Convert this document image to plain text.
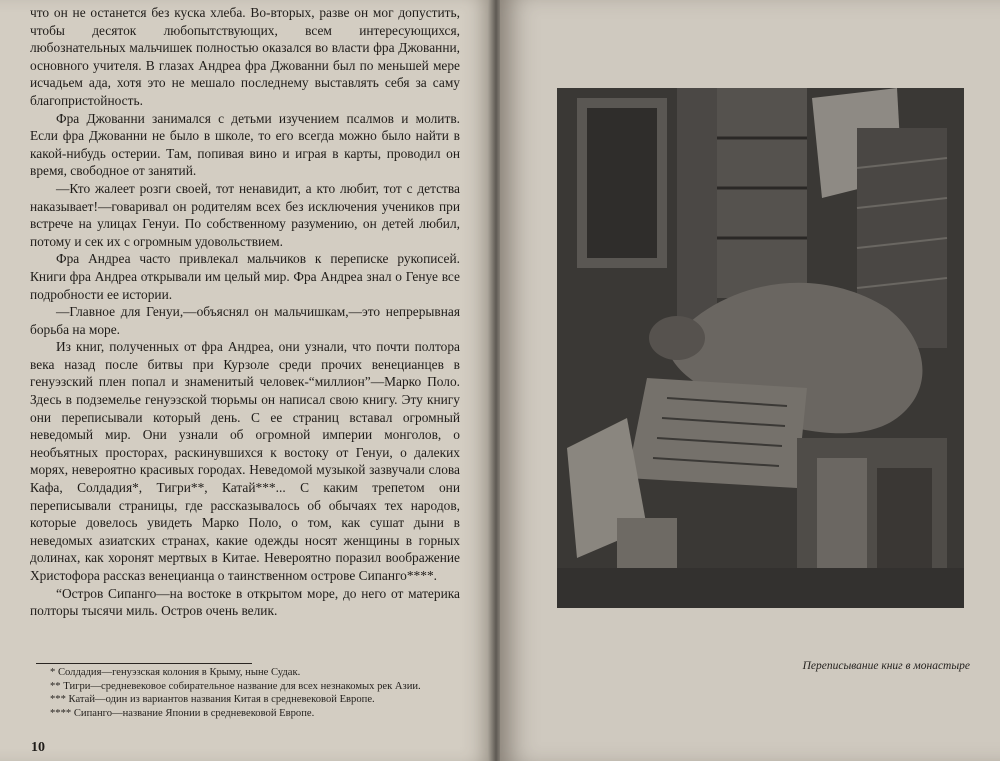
что он не останется без куска хлеба. Во-вторых, разве он мог допустить, чтобы десяток любопытствующих, всем интересующихся, любознательных мальчишек полностью оказался во власти фра Джованни, основного учителя. В глазах Андреа фра Джованни был по меньшей мере исчадьем ада, хотя это не мешало последнему выставлять себя за саму благопристойность.

Фра Джованни занимался с детьми изучением псалмов и молитв. Если фра Джованни не было в школе, то его всегда можно было найти в какой-нибудь остерии. Там, попивая вино и играя в карты, проводил он время, свободное от занятий.

—Кто жалеет розги своей, тот ненавидит, а кто любит, тот с детства наказывает!—говаривал он родителям всех без исключения учеников при встрече на улицах Генуи. По собственному разумению, он детей любил, потому и сек их с огромным удовольствием.

Фра Андреа часто привлекал мальчиков к переписке рукописей. Книги фра Андреа открывали им целый мир. Фра Андреа знал о Генуе все подробности ее истории.

—Главное для Генуи,—объяснял он мальчишкам,—это непрерывная борьба на море.

Из книг, полученных от фра Андреа, они узнали, что почти полтора века назад после битвы при Курзоле среди прочих венецианцев в генуэзский плен попал и знаменитый человек-“миллион”—Марко Поло. Здесь в подземелье генуэзской тюрьмы он написал свою книгу. Эту книгу они переписывали который день. С ее страниц вставал огромный неведомый мир. Они узнали об огромной империи монголов, о необъятных просторах, раскинувшихся к востоку от Генуи, о далеких морях, невероятно красивых городах. Неведомой музыкой зазвучали слова Кафа, Солдадия*, Тигри**, Катай***... С каким трепетом они переписывали страницы, где рассказывалось об обычаях тех народов, которые довелось увидеть Марко Поло, о том, как сушат дыни в неведомых азиатских странах, какие одежды носят женщины в горных долинах, как хоронят мертвых в Китае. Невероятно поразил воображение Христофора рассказ венецианца о таинственном острове Сипанго****.

“Остров Сипанго—на востоке в открытом море, до него от материка полторы тысячи миль. Остров очень велик.

* Солдадия—генуэзская колония в Крыму, ныне Судак.

** Тигри—средневековое собирательное название для всех незнакомых рек Азии.

*** Катай—один из вариантов названия Китая в средневековой Европе.

**** Сипанго—название Японии в средневековой Европе.

10
Переписывание книг в монастыре
